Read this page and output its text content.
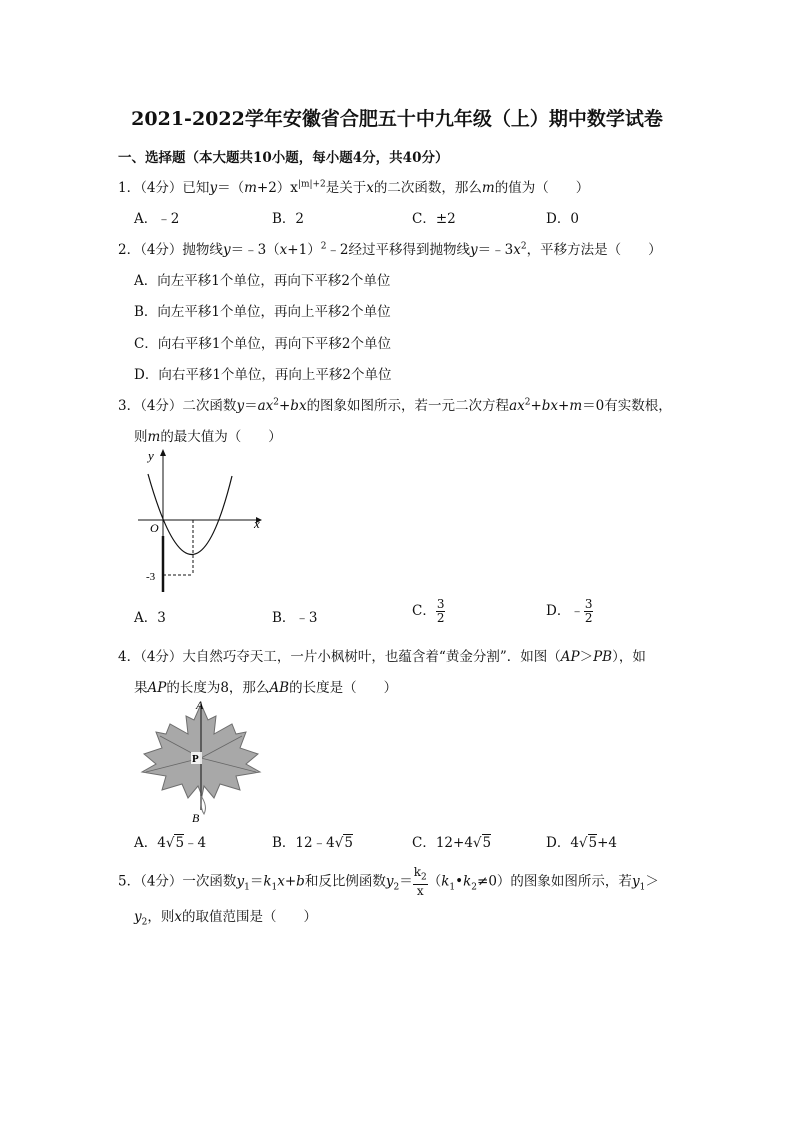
2021-2022学年安徽省合肥五十中九年级（上）期中数学试卷
一、选择题（本大题共10小题，每小题4分，共40分）
1．（4分）已知$y=(m+2)x^{|m|+2}$是关于x的二次函数，那么m的值为（　　）
A．﹣2	B．2	C．±2	D．0
2．（4分）抛物线$y=﹣3(x+1)^2﹣2$经过平移得到抛物线$y=﹣3x^2$，平移方法是（　　）
A．向左平移1个单位，再向下平移2个单位
B．向左平移1个单位，再向上平移2个单位
C．向右平移1个单位，再向下平移2个单位
D．向右平移1个单位，再向上平移2个单位
3．（4分）二次函数$y=ax^2+bx$的图象如图所示，若一元二次方程$ax^2+bx+m=0$有实数根，
则m的最大值为（　　）
y
x
O
-3
A．3	B．﹣3	C． $\frac{3}{2}$	D．﹣ $\frac{3}{2}$
4．（4分）大自然巧夺天工，一片小枫树叶，也蕴含着“黄金分割”．如图（AP＞PB），如
果AP的长度为8，那么AB的长度是（　　）
A
P
B
A．4√5﹣4	B．12﹣4√5	C．12+4√5	D．4√5+4
5．（4分）一次函数$y_1=k_1x+b$和反比例函数$y_2= \frac{k_2}{x}$ $(k_1•k_2\ne 0)$的图象如图所示，若$y_1>$
$y_2$，则x的取值范围是（　　）
